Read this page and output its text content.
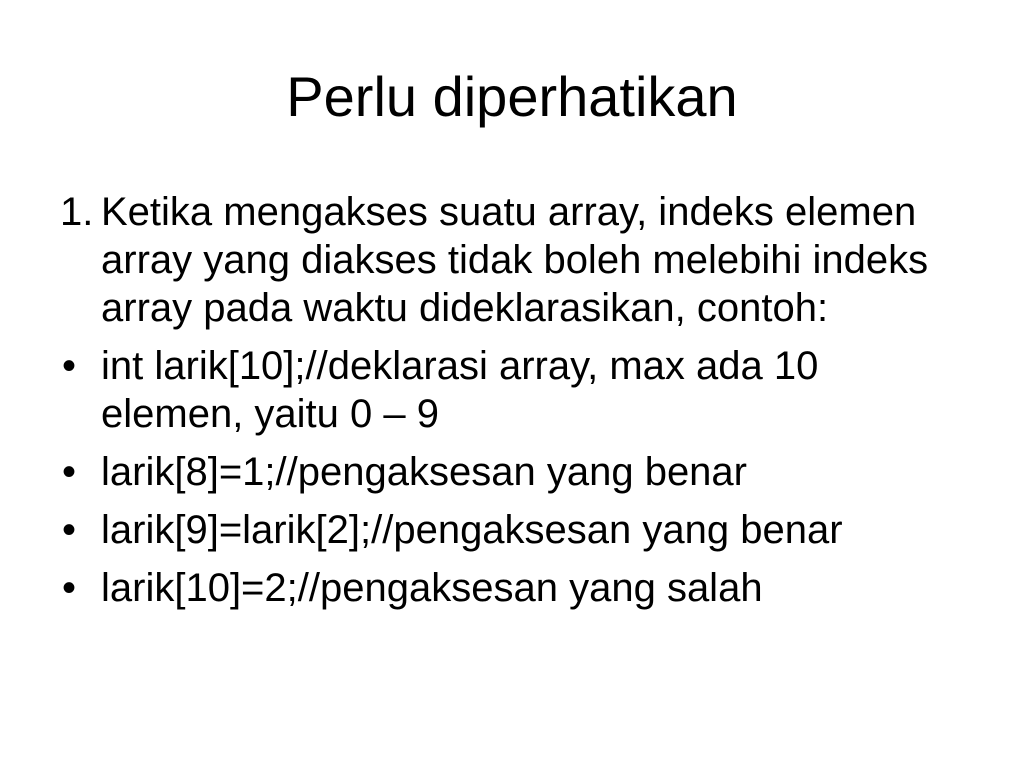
Perlu diperhatikan
1. Ketika mengakses suatu array, indeks elemen array yang diakses tidak boleh melebihi indeks array pada waktu dideklarasikan, contoh:
• int larik[10];//deklarasi array, max ada 10 elemen, yaitu 0 – 9
• larik[8]=1;//pengaksesan yang benar
• larik[9]=larik[2];//pengaksesan yang benar
• larik[10]=2;//pengaksesan yang salah
